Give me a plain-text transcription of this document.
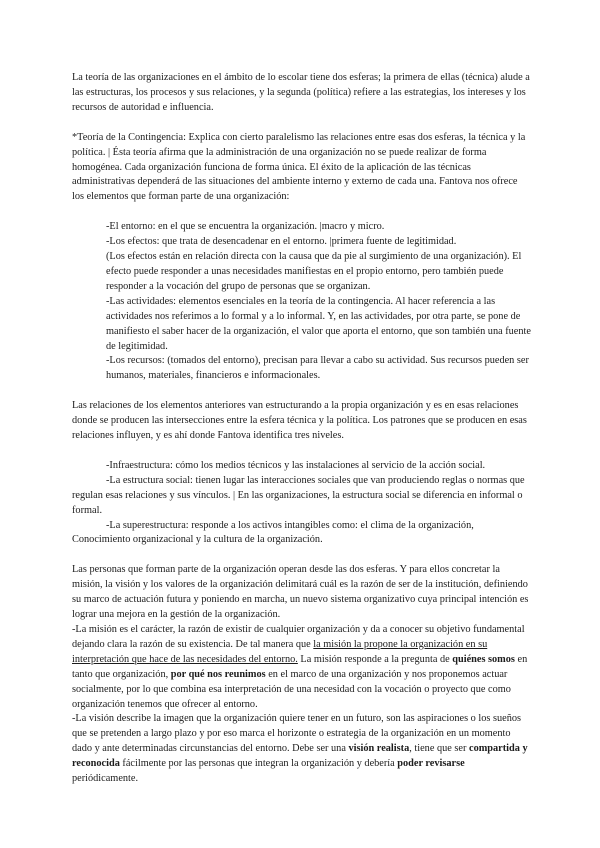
La teoría de las organizaciones en el ámbito de lo escolar tiene dos esferas; la primera de ellas (técnica) alude a las estructuras, los procesos y sus relaciones, y la segunda (política) refiere a las estrategias, los intereses y los recursos de autoridad e influencia.

*Teoría de la Contingencia: Explica con cierto paralelismo las relaciones entre esas dos esferas, la técnica y la política. | Ésta teoría afirma que la administración de una organización no se puede realizar de forma homogénea. Cada organización funciona de forma única. El éxito de la aplicación de las técnicas administrativas dependerá de las situaciones del ambiente interno y externo de cada una. Fantova nos ofrece los elementos que forman parte de una organización:

-El entorno: en el que se encuentra la organización. |macro y micro.

-Los efectos: que trata de desencadenar en el entorno. |primera fuente de legitimidad.

(Los efectos están en relación directa con la causa que da pie al surgimiento de una organización). El efecto puede responder a unas necesidades manifiestas en el propio entorno, pero también puede responder a la vocación del grupo de personas que se organizan.

-Las actividades: elementos esenciales en la teoría de la contingencia. Al hacer referencia a las actividades nos referimos a lo formal y a lo informal. Y, en las actividades, por otra parte, se pone de manifiesto el saber hacer de la organización, el valor que aporta el entorno, que son también una fuente de legitimidad.

-Los recursos: (tomados del entorno), precisan para llevar a cabo su actividad. Sus recursos pueden ser humanos, materiales, financieros e informacionales.

Las relaciones de los elementos anteriores van estructurando a la propia organización y es en esas relaciones donde se producen las intersecciones entre la esfera técnica y la política. Los patrones que se producen en esas relaciones influyen, y es ahí donde Fantova identifica tres niveles.

-Infraestructura: cómo los medios técnicos y las instalaciones al servicio de la acción social.

-La estructura social: tienen lugar las interacciones sociales que van produciendo reglas o normas que regulan esas relaciones y sus vínculos. | En las organizaciones, la estructura social se diferencia en informal o formal.

-La superestructura: responde a los activos intangibles como: el clima de la organización, Conocimiento organizacional y la cultura de la organización.

Las personas que forman parte de la organización operan desde las dos esferas. Y para ellos concretar la misión, la visión y los valores de la organización delimitará cuál es la razón de ser de la institución, definiendo su marco de actuación futura y poniendo en marcha, un nuevo sistema organizativo cuya principal intención es lograr una mejora en la gestión de la organización.

-La misión es el carácter, la razón de existir de cualquier organización y da a conocer su objetivo fundamental dejando clara la razón de su existencia. De tal manera que la misión la propone la organización en su interpretación que hace de las necesidades del entorno. La misión responde a la pregunta de quiénes somos en tanto que organización, por qué nos reunimos en el marco de una organización y nos proponemos actuar socialmente, por lo que combina esa interpretación de una necesidad con la vocación o proyecto que como organización tenemos que ofrecer al entorno.

-La visión describe la imagen que la organización quiere tener en un futuro, son las aspiraciones o los sueños que se pretenden a largo plazo y por eso marca el horizonte o estrategia de la organización en un momento dado y ante determinadas circunstancias del entorno. Debe ser una visión realista, tiene que ser compartida y reconocida fácilmente por las personas que integran la organización y debería poder revisarse periódicamente.
